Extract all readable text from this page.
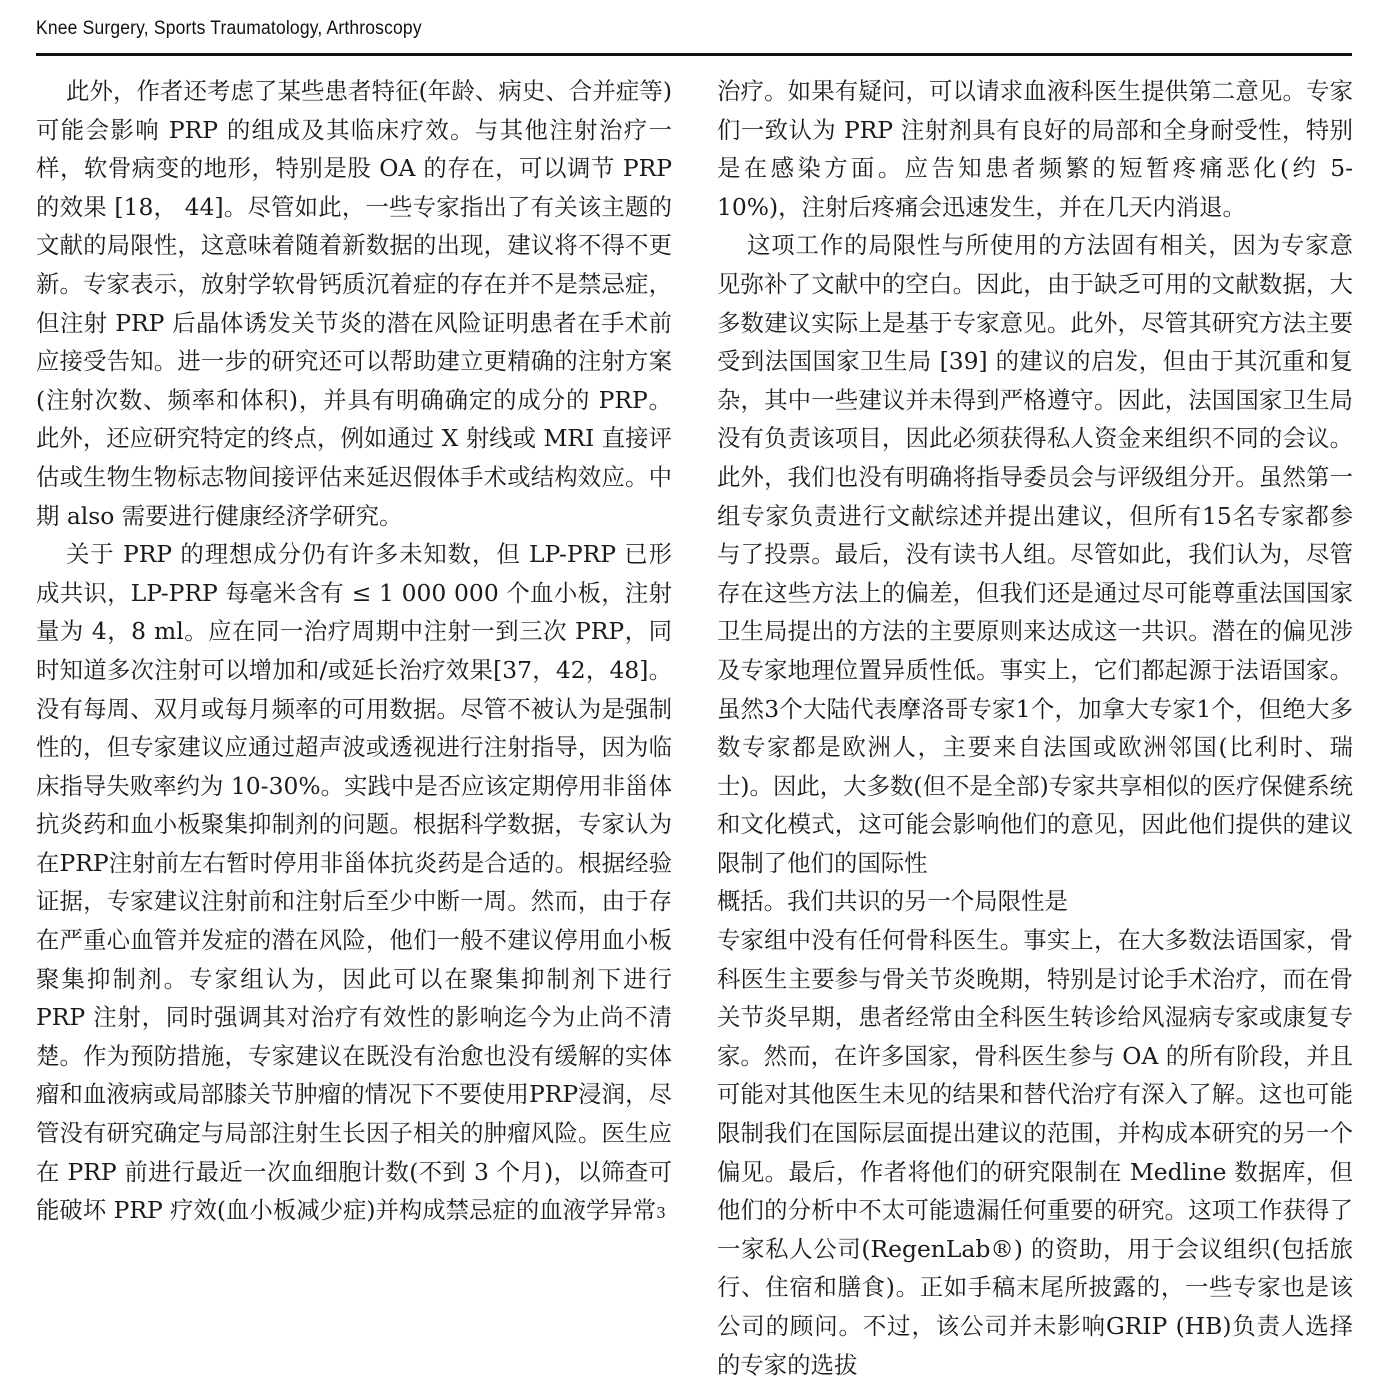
Knee Surgery, Sports Traumatology, Arthroscopy

此外，作者还考虑了某些患者特征(年龄、病史、合并症等)可能会影响 PRP 的组成及其临床疗效。与其他注射治疗一样，软骨病变的地形，特别是股 OA 的存在，可以调节 PRP 的效果 [18， 44]。尽管如此，一些专家指出了有关该主题的文献的局限性，这意味着随着新数据的出现，建议将不得不更新。专家表示，放射学软骨钙质沉着症的存在并不是禁忌症，但注射 PRP 后晶体诱发关节炎的潜在风险证明患者在手术前应接受告知。进一步的研究还可以帮助建立更精确的注射方案(注射次数、频率和体积)，并具有明确确定的成分的 PRP。此外，还应研究特定的终点，例如通过 X 射线或 MRI 直接评估或生物生物标志物间接评估来延迟假体手术或结构效应。中期 also 需要进行健康经济学研究。

关于 PRP 的理想成分仍有许多未知数，但 LP-PRP 已形成共识，LP-PRP 每毫米含有 ≤ 1 000 000 个血小板，注射量为 4，8 ml。应在同一治疗周期中注射一到三次 PRP，同时知道多次注射可以增加和/或延长治疗效果[37，42，48]。没有每周、双月或每月频率的可用数据。尽管不被认为是强制性的，但专家建议应通过超声波或透视进行注射指导，因为临床指导失败率约为 10-30%。实践中是否应该定期停用非甾体抗炎药和血小板聚集抑制剂的问题。根据科学数据，专家认为在PRP注射前左右暂时停用非甾体抗炎药是合适的。根据经验证据，专家建议注射前和注射后至少中断一周。然而，由于存在严重心血管并发症的潜在风险，他们一般不建议停用血小板聚集抑制剂。专家组认为，因此可以在聚集抑制剂下进行 PRP 注射，同时强调其对治疗有效性的影响迄今为止尚不清楚。作为预防措施，专家建议在既没有治愈也没有缓解的实体瘤和血液病或局部膝关节肿瘤的情况下不要使用PRP浸润，尽管没有研究确定与局部注射生长因子相关的肿瘤风险。医生应在 PRP 前进行最近一次血细胞计数(不到 3 个月)，以筛查可能破坏 PRP 疗效(血小板减少症)并构成禁忌症的血液学异常3

治疗。如果有疑问，可以请求血液科医生提供第二意见。专家们一致认为 PRP 注射剂具有良好的局部和全身耐受性，特别是在感染方面。应告知患者频繁的短暂疼痛恶化(约 5-10%)，注射后疼痛会迅速发生，并在几天内消退。

这项工作的局限性与所使用的方法固有相关，因为专家意见弥补了文献中的空白。因此，由于缺乏可用的文献数据，大多数建议实际上是基于专家意见。此外，尽管其研究方法主要受到法国国家卫生局 [39] 的建议的启发，但由于其沉重和复杂，其中一些建议并未得到严格遵守。因此，法国国家卫生局没有负责该项目，因此必须获得私人资金来组织不同的会议。此外，我们也没有明确将指导委员会与评级组分开。虽然第一组专家负责进行文献综述并提出建议，但所有15名专家都参与了投票。最后，没有读书人组。尽管如此，我们认为，尽管存在这些方法上的偏差，但我们还是通过尽可能尊重法国国家卫生局提出的方法的主要原则来达成这一共识。潜在的偏见涉及专家地理位置异质性低。事实上，它们都起源于法语国家。虽然3个大陆代表摩洛哥专家1个，加拿大专家1个，但绝大多数专家都是欧洲人，主要来自法国或欧洲邻国(比利时、瑞士)。因此，大多数(但不是全部)专家共享相似的医疗保健系统和文化模式，这可能会影响他们的意见，因此他们提供的建议限制了他们的国际性

概括。我们共识的另一个局限性是

专家组中没有任何骨科医生。事实上，在大多数法语国家，骨科医生主要参与骨关节炎晚期，特别是讨论手术治疗，而在骨关节炎早期，患者经常由全科医生转诊给风湿病专家或康复专家。然而，在许多国家，骨科医生参与 OA 的所有阶段，并且可能对其他医生未见的结果和替代治疗有深入了解。这也可能限制我们在国际层面提出建议的范围，并构成本研究的另一个偏见。最后，作者将他们的研究限制在 Medline 数据库，但他们的分析中不太可能遗漏任何重要的研究。这项工作获得了一家私人公司(RegenLab®) 的资助，用于会议组织(包括旅行、住宿和膳食)。正如手稿末尾所披露的，一些专家也是该公司的顾问。不过，该公司并未影响GRIP (HB)负责人选择的专家的选拔
